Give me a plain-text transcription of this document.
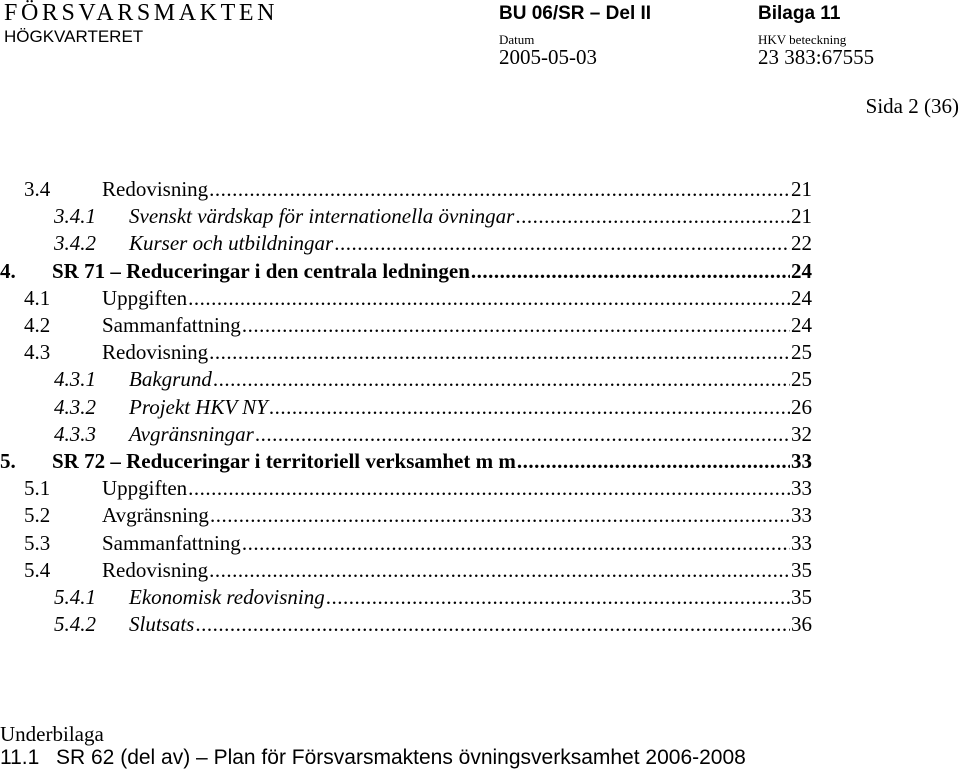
FÖRSVARSMAKTEN
HÖGKVARTERET
BU 06/SR – Del II	Bilaga 11
Datum	HKV beteckning
2005-05-03	23 383:67555
Sida 2 (36)
3.4	Redovisning .....	21
3.4.1	Svenskt värdskap för internationella övningar .....	21
3.4.2	Kurser och utbildningar .....	22
4.	SR 71 – Reduceringar i den centrala ledningen .....	24
4.1	Uppgiften .....	24
4.2	Sammanfattning .....	24
4.3	Redovisning .....	25
4.3.1	Bakgrund .....	25
4.3.2	Projekt HKV NY .....	26
4.3.3	Avgränsningar .....	32
5.	SR 72 – Reduceringar i territoriell verksamhet m m .....	33
5.1	Uppgiften .....	33
5.2	Avgränsning .....	33
5.3	Sammanfattning .....	33
5.4	Redovisning .....	35
5.4.1	Ekonomisk redovisning .....	35
5.4.2	Slutsats .....	36
Underbilaga
11.1 SR 62 (del av) – Plan för Försvarsmaktens övningsverksamhet 2006-2008
